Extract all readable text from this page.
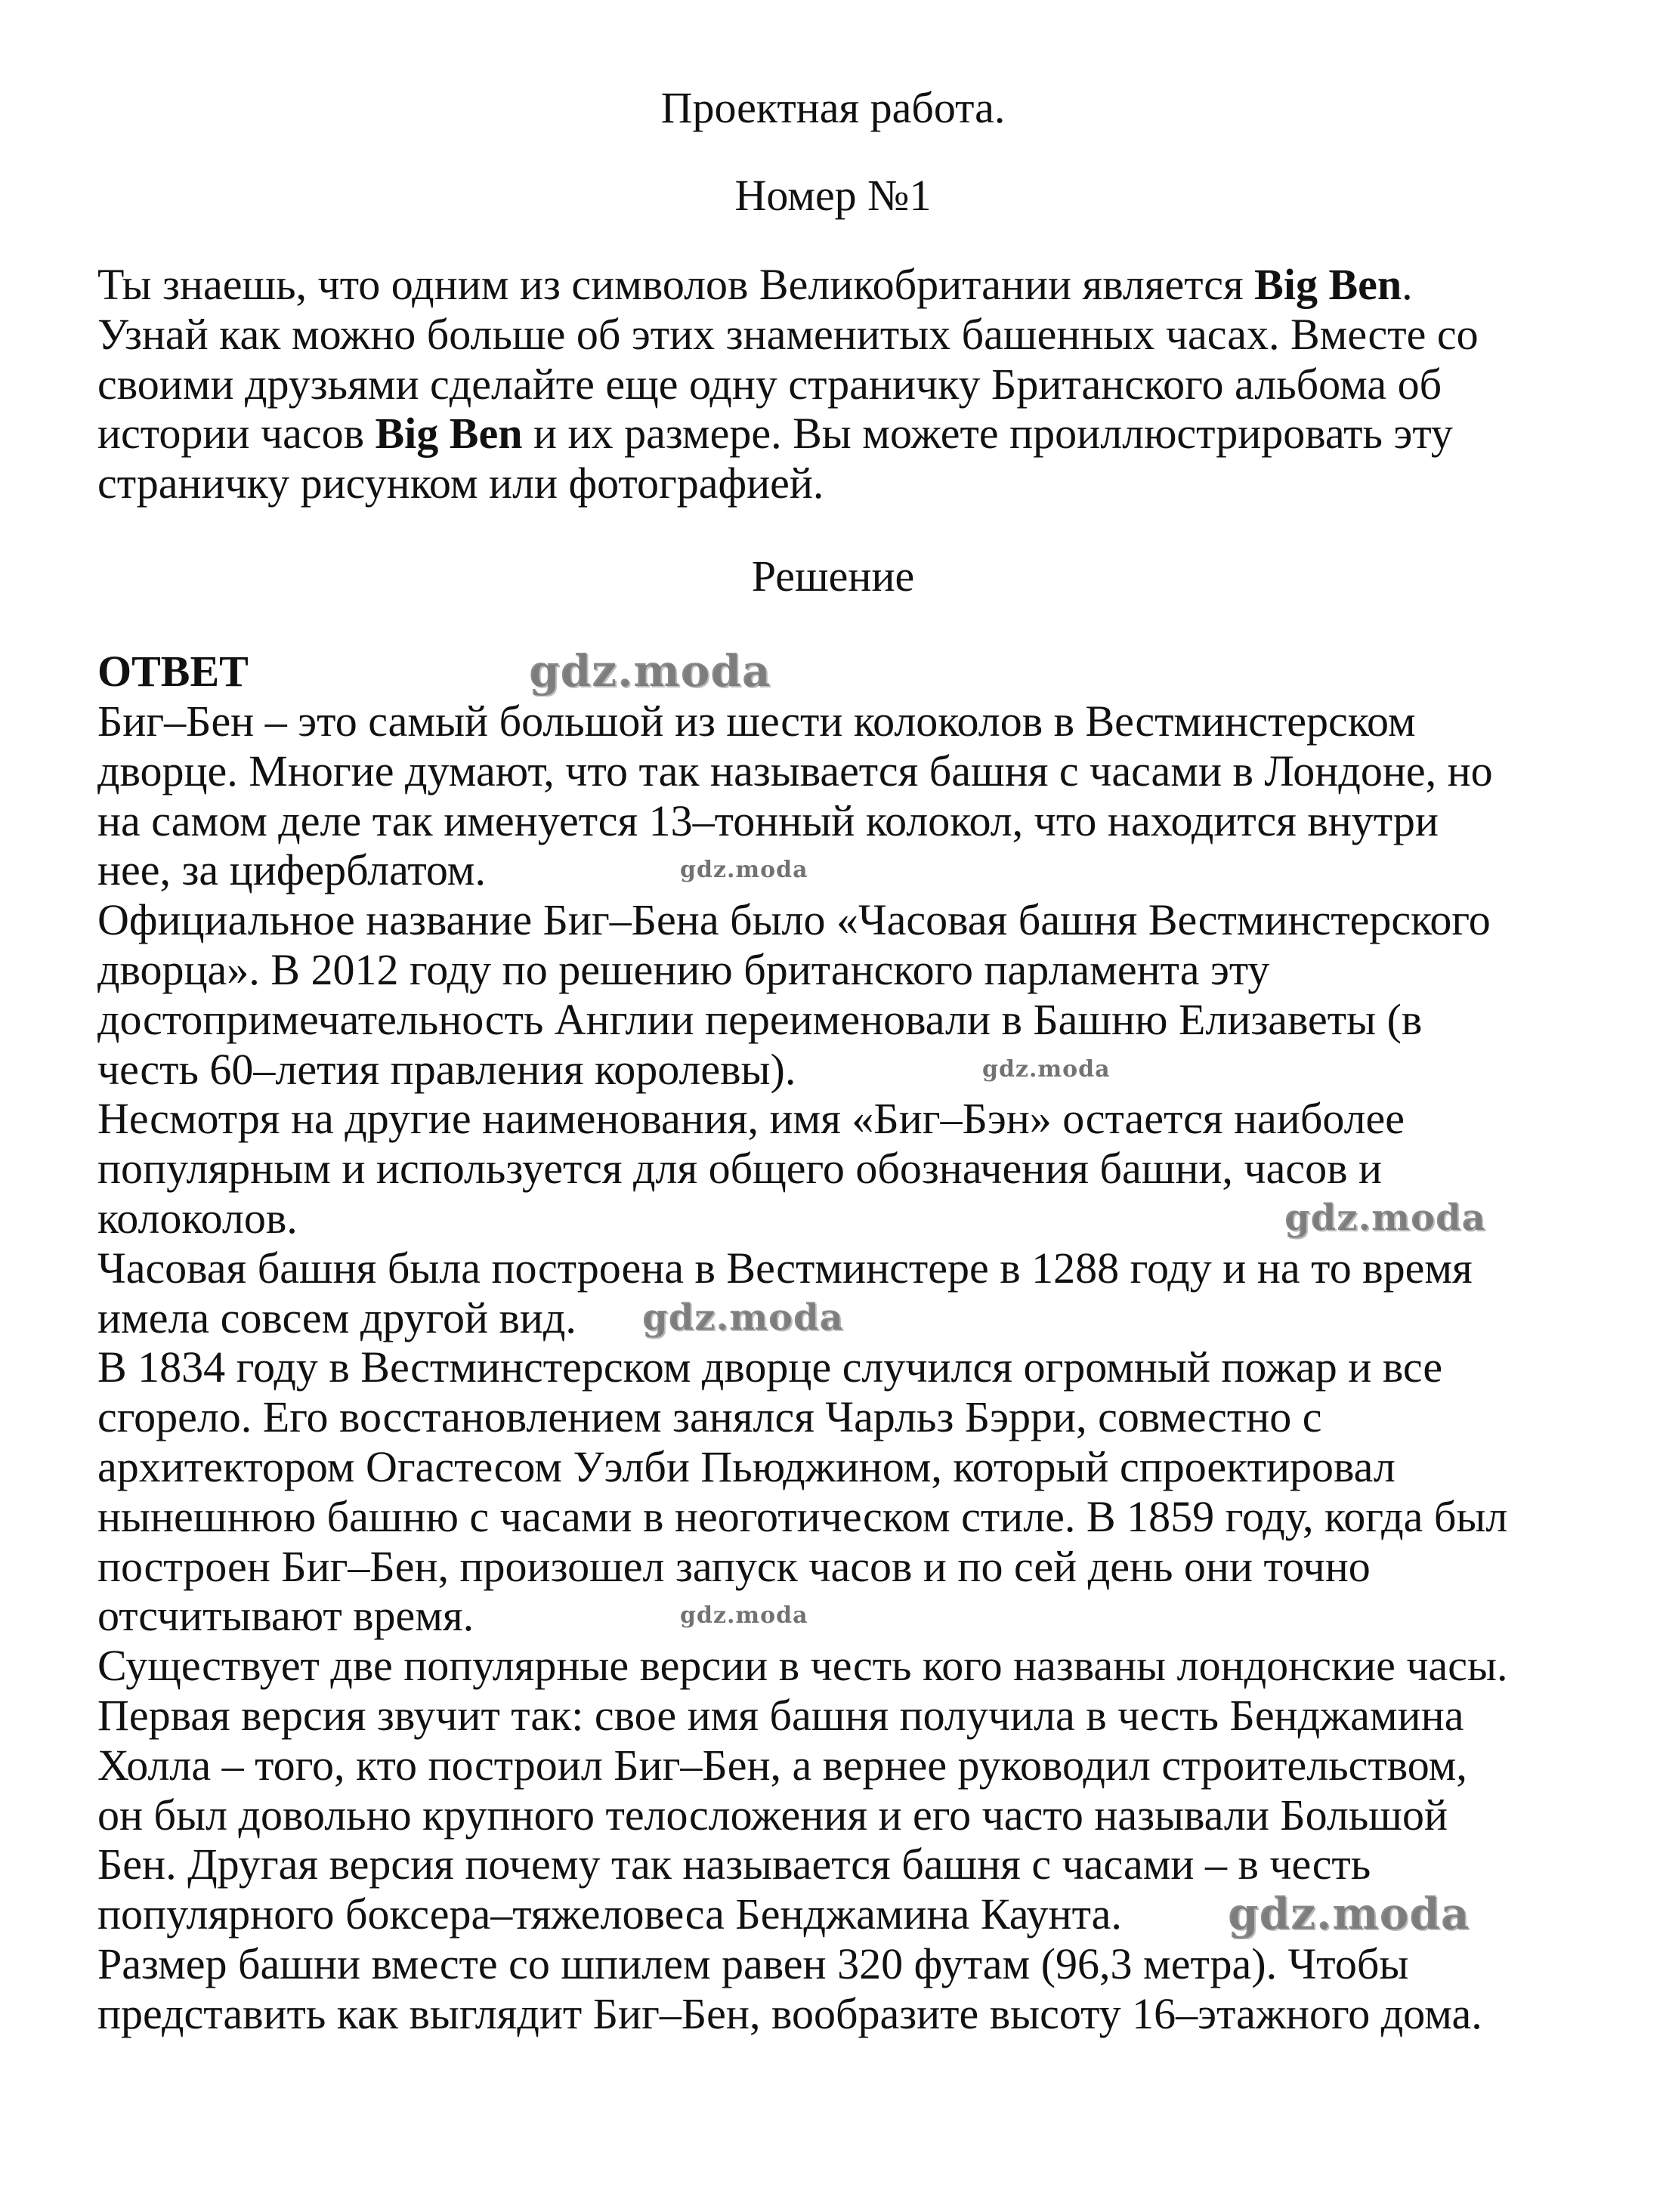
Проектная работа.
Номер №1
Ты знаешь, что одним из символов Великобритании является Big Ben.
Узнай как можно больше об этих знаменитых башенных часах. Вместе со
своими друзьями сделайте еще одну страничку Британского альбома об
истории часов Big Ben и их размере. Вы можете проиллюстрировать эту
страничку рисунком или фотографией.
Решение
ОТВЕТ
Биг–Бен – это самый большой из шести колоколов в Вестминстерском
дворце. Многие думают, что так называется башня с часами в Лондоне, но
на самом деле так именуется 13–тонный колокол, что находится внутри
нее, за циферблатом.
Официальное название Биг–Бена было «Часовая башня Вестминстерского
дворца». В 2012 году по решению британского парламента эту
достопримечательность Англии переименовали в Башню Елизаветы (в
честь 60–летия правления королевы).
Несмотря на другие наименования, имя «Биг–Бэн» остается наиболее
популярным и используется для общего обозначения башни, часов и
колоколов.
Часовая башня была построена в Вестминстере в 1288 году и на то время
имела совсем другой вид.
В 1834 году в Вестминстерском дворце случился огромный пожар и все
сгорело. Его восстановлением занялся Чарльз Бэрри, совместно с
архитектором Огастесом Уэлби Пьюджином, который спроектировал
нынешнюю башню с часами в неоготическом стиле. В 1859 году, когда был
построен Биг–Бен, произошел запуск часов и по сей день они точно
отсчитывают время.
Существует две популярные версии в честь кого названы лондонские часы.
Первая версия звучит так: свое имя башня получила в честь Бенджамина
Холла – того, кто построил Биг–Бен, а вернее руководил строительством,
он был довольно крупного телосложения и его часто называли Большой
Бен. Другая версия почему так называется башня с часами – в честь
популярного боксера–тяжеловеса Бенджамина Каунта.
Размер башни вместе со шпилем равен 320 футам (96,3 метра). Чтобы
представить как выглядит Биг–Бен, вообразите высоту 16–этажного дома.
gdz.moda
gdz.moda
gdz.moda
gdz.moda
gdz.moda
gdz.moda
gdz.moda
